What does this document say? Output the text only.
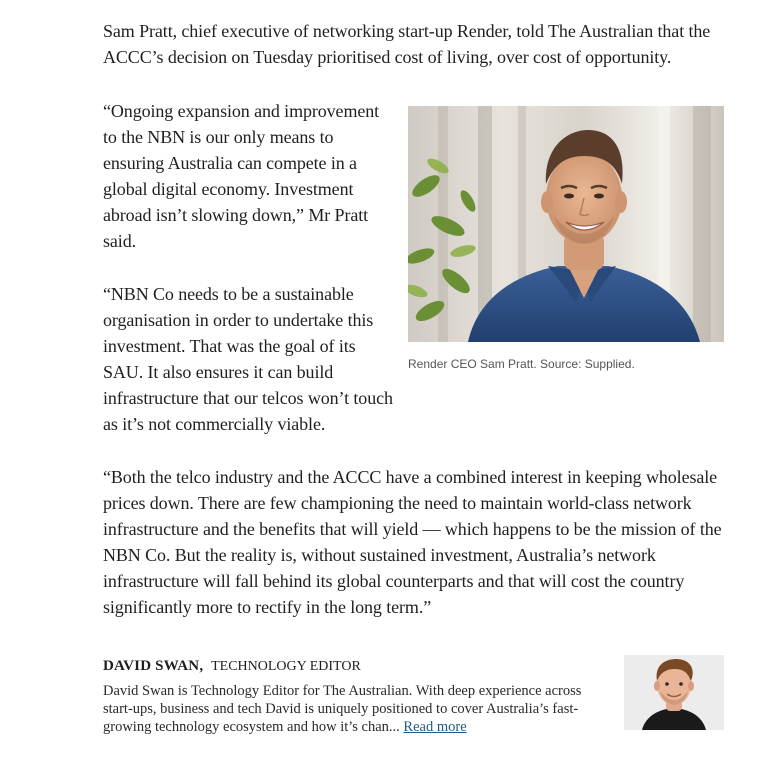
Sam Pratt, chief executive of networking start-up Render, told The Australian that the ACCC’s decision on Tuesday prioritised cost of living, over cost of opportunity.

“Ongoing expansion and improvement to the NBN is our only means to ensuring Australia can compete in a global digital economy. Investment abroad isn’t slowing down,” Mr Pratt said.

“NBN Co needs to be a sustainable organisation in order to undertake this investment. That was the goal of its SAU. It also ensures it can build infrastructure that our telcos won’t touch as it’s not commercially viable.

Render CEO Sam Pratt. Source: Supplied.

“Both the telco industry and the ACCC have a combined interest in keeping wholesale prices down. There are few championing the need to maintain world-class network infrastructure and the benefits that will yield — which happens to be the mission of the NBN Co. But the reality is, without sustained investment, Australia’s network infrastructure will fall behind its global counterparts and that will cost the country significantly more to rectify in the long term.”

DAVID SWAN, TECHNOLOGY EDITOR

David Swan is Technology Editor for The Australian. With deep experience across start-ups, business and tech David is uniquely positioned to cover Australia’s fast-growing technology ecosystem and how it’s chan... Read more
